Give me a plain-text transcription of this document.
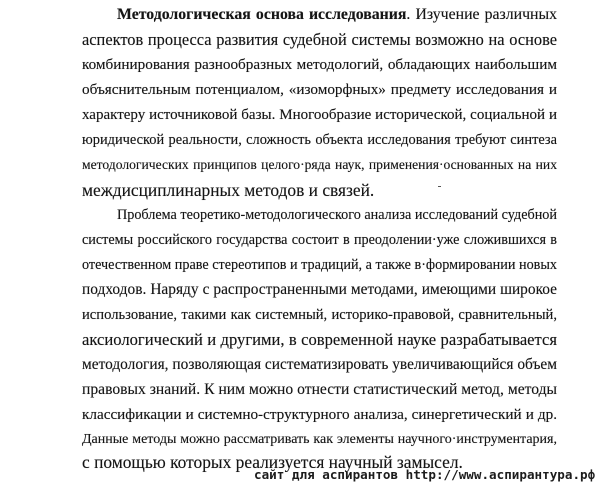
Методологическая основа исследования. Изучение различных
аспектов процесса развития судебной системы возможно на основе
комбинирования разнообразных методологий, обладающих наибольшим
объяснительным потенциалом, «изоморфных» предмету исследования и
характеру источниковой базы. Многообразие исторической, социальной и
юридической реальности, сложность объекта исследования требуют синтеза
методологических принципов целого·ряда наук, применения·основанных на них
междисциплинарных методов и связей.
Проблема теоретико-методологического анализа исследований судебной
системы российского государства состоит в преодолении·уже сложившихся в
отечественном праве стереотипов и традиций, а также в·формировании новых
подходов. Наряду с распространенными методами, имеющими широкое
использование, такими как системный, историко-правовой, сравнительный,
аксиологический и другими, в современной науке разрабатывается
методология, позволяющая систематизировать увеличивающийся объем
правовых знаний. К ним можно отнести статистический метод, методы
классификации и системно-структурного анализа, синергетический и др.
Данные методы можно рассматривать как элементы научного·инструментария,
с помощью которых реализуется научный замысел.
сайт для аспирантов http://www.аспирантура.рф
